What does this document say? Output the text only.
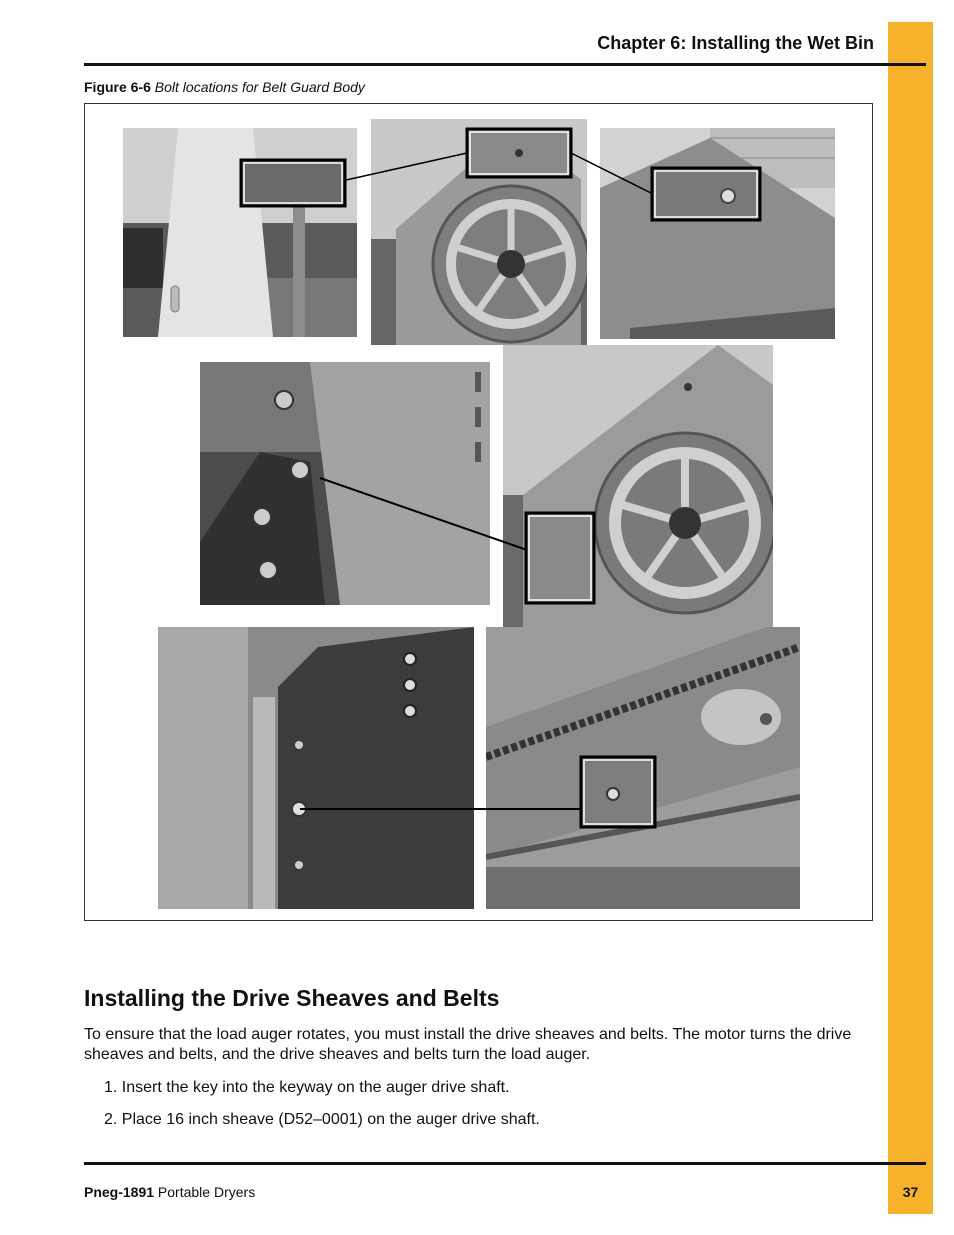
Chapter 6: Installing the Wet Bin
Figure 6-6 Bolt locations for Belt Guard Body
Installing the Drive Sheaves and Belts
To ensure that the load auger rotates, you must install the drive sheaves and belts. The motor turns the drive sheaves and belts, and the drive sheaves and belts turn the load auger.
1. Insert the key into the keyway on the auger drive shaft.
2. Place 16 inch sheave (D52–0001) on the auger drive shaft.
Pneg-1891 Portable Dryers	37
